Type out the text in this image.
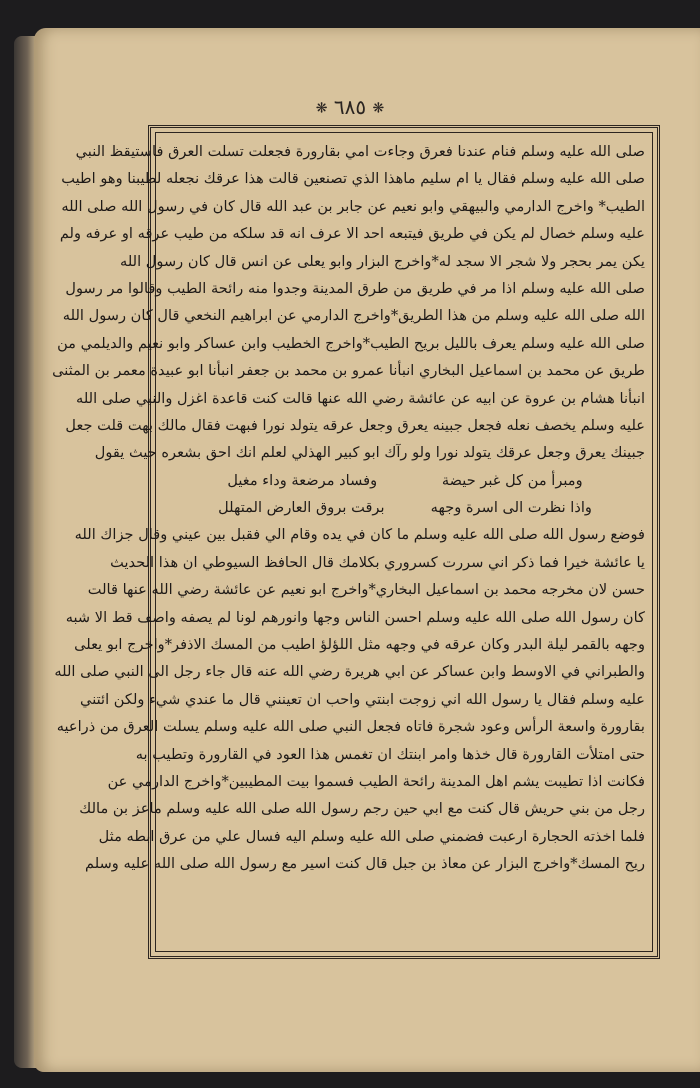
❋ ٦٨٥ ❋
صلى الله عليه وسلم فنام عندنا فعرق وجاءت امي بقارورة فجعلت تسلت العرق فاستيقظ النبي
صلى الله عليه وسلم فقال يا ام سليم ماهذا الذي تصنعين قالت هذا عرقك نجعله لطيبنا وهو اطيب
الطيب* واخرج الدارمي والبيهقي وابو نعيم عن جابر بن عبد الله قال كان في رسول الله صلى الله
عليه وسلم خصال لم يكن في طريق فيتبعه احد الا عرف انه قد سلكه من طيب عرقه او عرفه ولم
يكن يمر بحجر ولا شجر الا سجد له*واخرج البزار وابو يعلى عن انس قال كان رسول الله
صلى الله عليه وسلم اذا مر في طريق من طرق المدينة وجدوا منه رائحة الطيب وقالوا مر رسول
الله صلى الله عليه وسلم من هذا الطريق*واخرج الدارمي عن ابراهيم النخعي قال كان رسول الله
صلى الله عليه وسلم يعرف بالليل بريح الطيب*واخرج الخطيب وابن عساكر وابو نعيم والديلمي من
طريق عن محمد بن اسماعيل البخاري انبأنا عمرو بن محمد بن جعفر انبأنا ابو عبيدة معمر بن المثنى
انبأنا هشام بن عروة عن ابيه عن عائشة رضي الله عنها قالت كنت قاعدة اغزل والنبي صلى الله
عليه وسلم يخصف نعله فجعل جبينه يعرق وجعل عرقه يتولد نورا فبهت فقال مالك بهت قلت جعل
جبينك يعرق وجعل عرقك يتولد نورا ولو رآك ابو كبير الهذلي لعلم انك احق بشعره حيث يقول
ومبرأ من كل غبر حيضة
وفساد مرضعة وداء مغيل
واذا نظرت الى اسرة وجهه
برقت بروق العارض المتهلل
فوضع رسول الله صلى الله عليه وسلم ما كان في يده وقام الي فقبل بين عيني وقال جزاك الله
يا عائشة خيرا فما ذكر اني سررت كسروري بكلامك قال الحافظ السيوطي ان هذا الحديث
حسن لان مخرجه محمد بن اسماعيل البخاري*واخرج ابو نعيم عن عائشة رضي الله عنها قالت
كان رسول الله صلى الله عليه وسلم احسن الناس وجها وانورهم لونا لم يصفه واصف قط الا شبه
وجهه بالقمر ليلة البدر وكان عرقه في وجهه مثل اللؤلؤ اطيب من المسك الاذفر*واخرج ابو يعلى
والطبراني في الاوسط وابن عساكر عن ابي هريرة رضي الله عنه قال جاء رجل الى النبي صلى الله
عليه وسلم فقال يا رسول الله اني زوجت ابنتي واحب ان تعينني قال ما عندي شيء ولكن ائتني
بقارورة واسعة الرأس وعود شجرة فاتاه فجعل النبي صلى الله عليه وسلم يسلت العرق من ذراعيه
حتى امتلأت القارورة قال خذها وامر ابنتك ان تغمس هذا العود في القارورة وتطيب به
فكانت اذا تطيبت يشم اهل المدينة رائحة الطيب فسموا بيت المطيبين*واخرج الدارمي عن
رجل من بني حريش قال كنت مع ابي حين رجم رسول الله صلى الله عليه وسلم ماعز بن مالك
فلما اخذته الحجارة ارعبت فضمني صلى الله عليه وسلم اليه فسال علي من عرق ابطه مثل
ريح المسك*واخرج البزار عن معاذ بن جبل قال كنت اسير مع رسول الله صلى الله عليه وسلم
